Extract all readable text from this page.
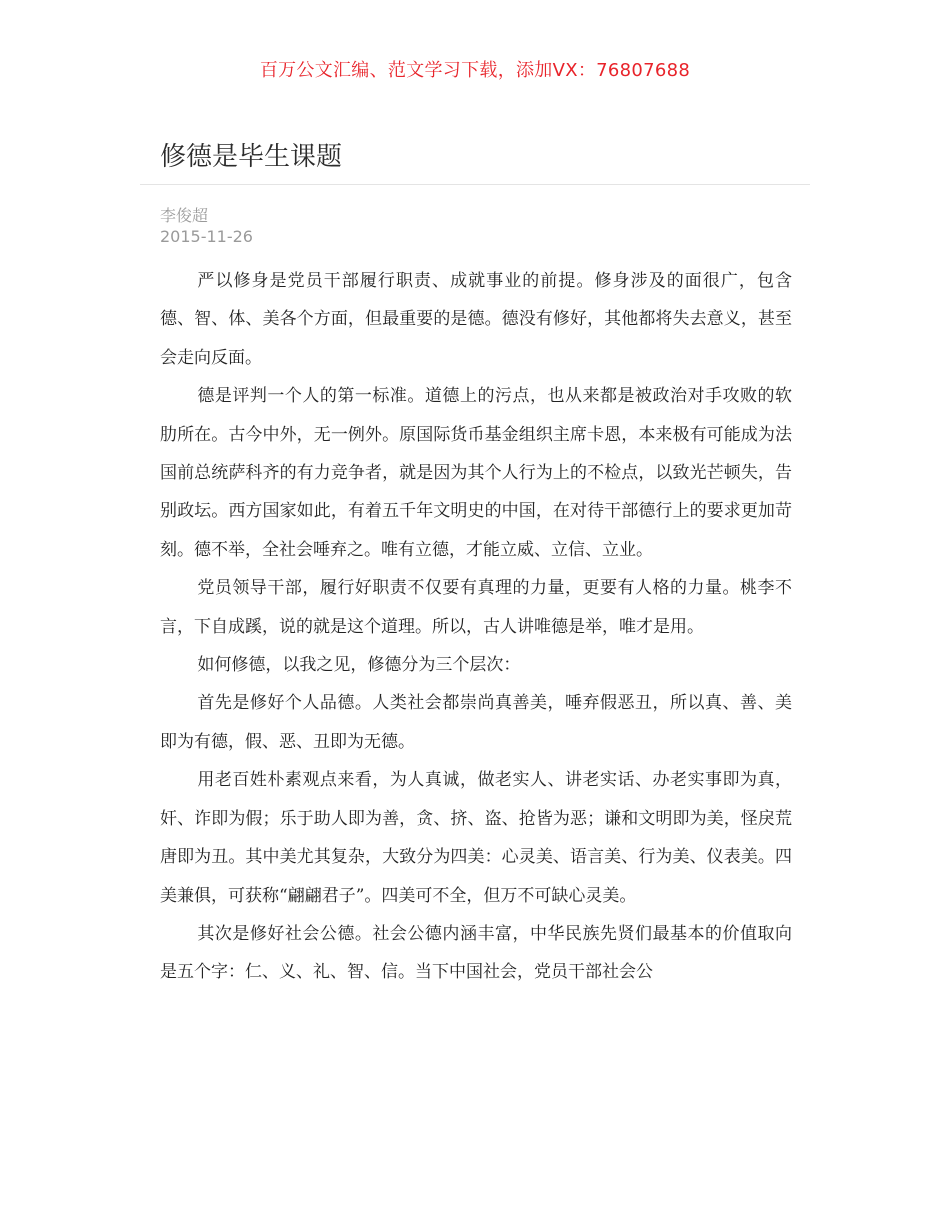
百万公文汇编、范文学习下载，添加VX：76807688
修德是毕生课题
李俊超
2015-11-26

严以修身是党员干部履行职责、成就事业的前提。修身涉及的面很广，包含德、智、体、美各个方面，但最重要的是德。德没有修好，其他都将失去意义，甚至会走向反面。

德是评判一个人的第一标准。道德上的污点，也从来都是被政治对手攻败的软肋所在。古今中外，无一例外。原国际货币基金组织主席卡恩，本来极有可能成为法国前总统萨科齐的有力竞争者，就是因为其个人行为上的不检点，以致光芒顿失，告别政坛。西方国家如此，有着五千年文明史的中国，在对待干部德行上的要求更加苛刻。德不举，全社会唾弃之。唯有立德，才能立威、立信、立业。

党员领导干部，履行好职责不仅要有真理的力量，更要有人格的力量。桃李不言，下自成蹊，说的就是这个道理。所以，古人讲唯德是举，唯才是用。

如何修德，以我之见，修德分为三个层次：

首先是修好个人品德。人类社会都崇尚真善美，唾弃假恶丑，所以真、善、美即为有德，假、恶、丑即为无德。

用老百姓朴素观点来看，为人真诚，做老实人、讲老实话、办老实事即为真，奸、诈即为假；乐于助人即为善，贪、挤、盗、抢皆为恶；谦和文明即为美，怪戾荒唐即为丑。其中美尤其复杂，大致分为四美：心灵美、语言美、行为美、仪表美。四美兼俱，可获称“翩翩君子”。四美可不全，但万不可缺心灵美。

其次是修好社会公德。社会公德内涵丰富，中华民族先贤们最基本的价值取向是五个字：仁、义、礼、智、信。当下中国社会，党员干部社会公
